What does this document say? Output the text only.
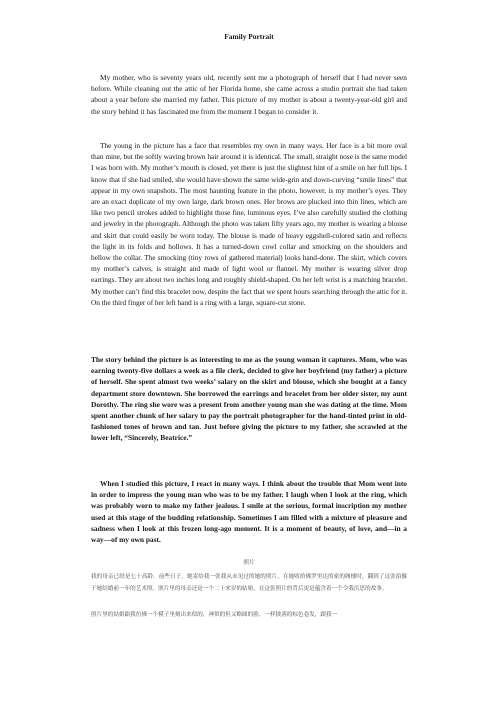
Family Portrait

My mother, who is seventy years old, recently sent me a photograph of herself that I had never seen before. While cleaning out the attic of her Florida home, she came across a studio portrait she had taken about a year before she married my father. This picture of my mother is about a twenty-year-old girl and the story behind it has fascinated me from the moment I began to consider it.

The young in the picture has a face that resembles my own in many ways. Her face is a bit more oval than mine, but the softly waving brown hair around it is identical. The small, straight nose is the same model I was born with. My mother’s mouth is closed, yet there is just the slightest hint of a smile on her full lips. I know that if she had smiled, she would have shown the same wide-grin and down-curving “smile lines” that appear in my own snapshots. The most haunting feature in the photo, however, is my mother’s eyes. They are an exact duplicate of my own large, dark brown ones. Her brows are plucked into thin lines, which are like two pencil strokes added to highlight those fine, luminous eyes. I’ve also carefully studied the clothing and jewelry in the photograph. Although the photo was taken fifty years ago, my mother is wearing a blouse and skirt that could easily be worn today. The blouse is made of heavy eggshell-colored satin and reflects the light in its folds and hollows. It has a turned-down cowl collar and smocking on the shoulders and bellow the collar. The smocking (tiny rows of gathered material) looks hand-done. The skirt, which covers my mother’s calves, is straight and made of light wool or flannel. My mother is wearing silver drop earrings. They are about two inches long and roughly shield-shaped. On her left wrist is a matching bracelet. My mother can’t find this bracelet now, despite the fact that we spent hours searching through the attic for it. On the third finger of her left hand is a ring with a large, square-cut stone.

The story behind the picture is as interesting to me as the young woman it captures. Mom, who was earning twenty-five dollars a week as a file clerk, decided to give her boyfriend (my father) a picture of herself. She spent almost two weeks’ salary on the skirt and blouse, which she bought at a fancy department store downtown. She borrowed the earrings and bracelet from her older sister, my aunt Dorothy. The ring she wore was a present from another young man she was dating at the time. Mom spent another chunk of her salary to pay the portrait photographer for the hand-tinted print in old-fashioned tones of brown and tan. Just before giving the picture to my father, she scrawled at the lower left, “Sincerely, Beatrice.”

When I studied this picture, I react in many ways. I think about the trouble that Mom went into in order to impress the young man who was to be my father. I laugh when I look at the ring, which was probably worn to make my father jealous. I smile at the serious, formal inscription my mother used at this stage of the budding relationship. Sometimes I am filled with a mixture of pleasure and sadness when I look at this frozen long-ago moment. It is a moment of beauty, of love, and—in a way—of my own past.

照片

我的母亲已经是七十高龄。前些日子，她寄给我一张我从未见过的她的照片，在她收拾佛罗里达的家的阁楼时，翻到了这张拍摄于她结婚前一年的艺术照。照片里的母亲还是一个二十来岁的姑娘，在这张照片的背后更是蕴含着一个令我沉思的故事。

照片里的姑娘跟我仿佛一个模子里刻出来似的，神似的但又略圆的脸，一样披落的棕色卷发，跟我一
